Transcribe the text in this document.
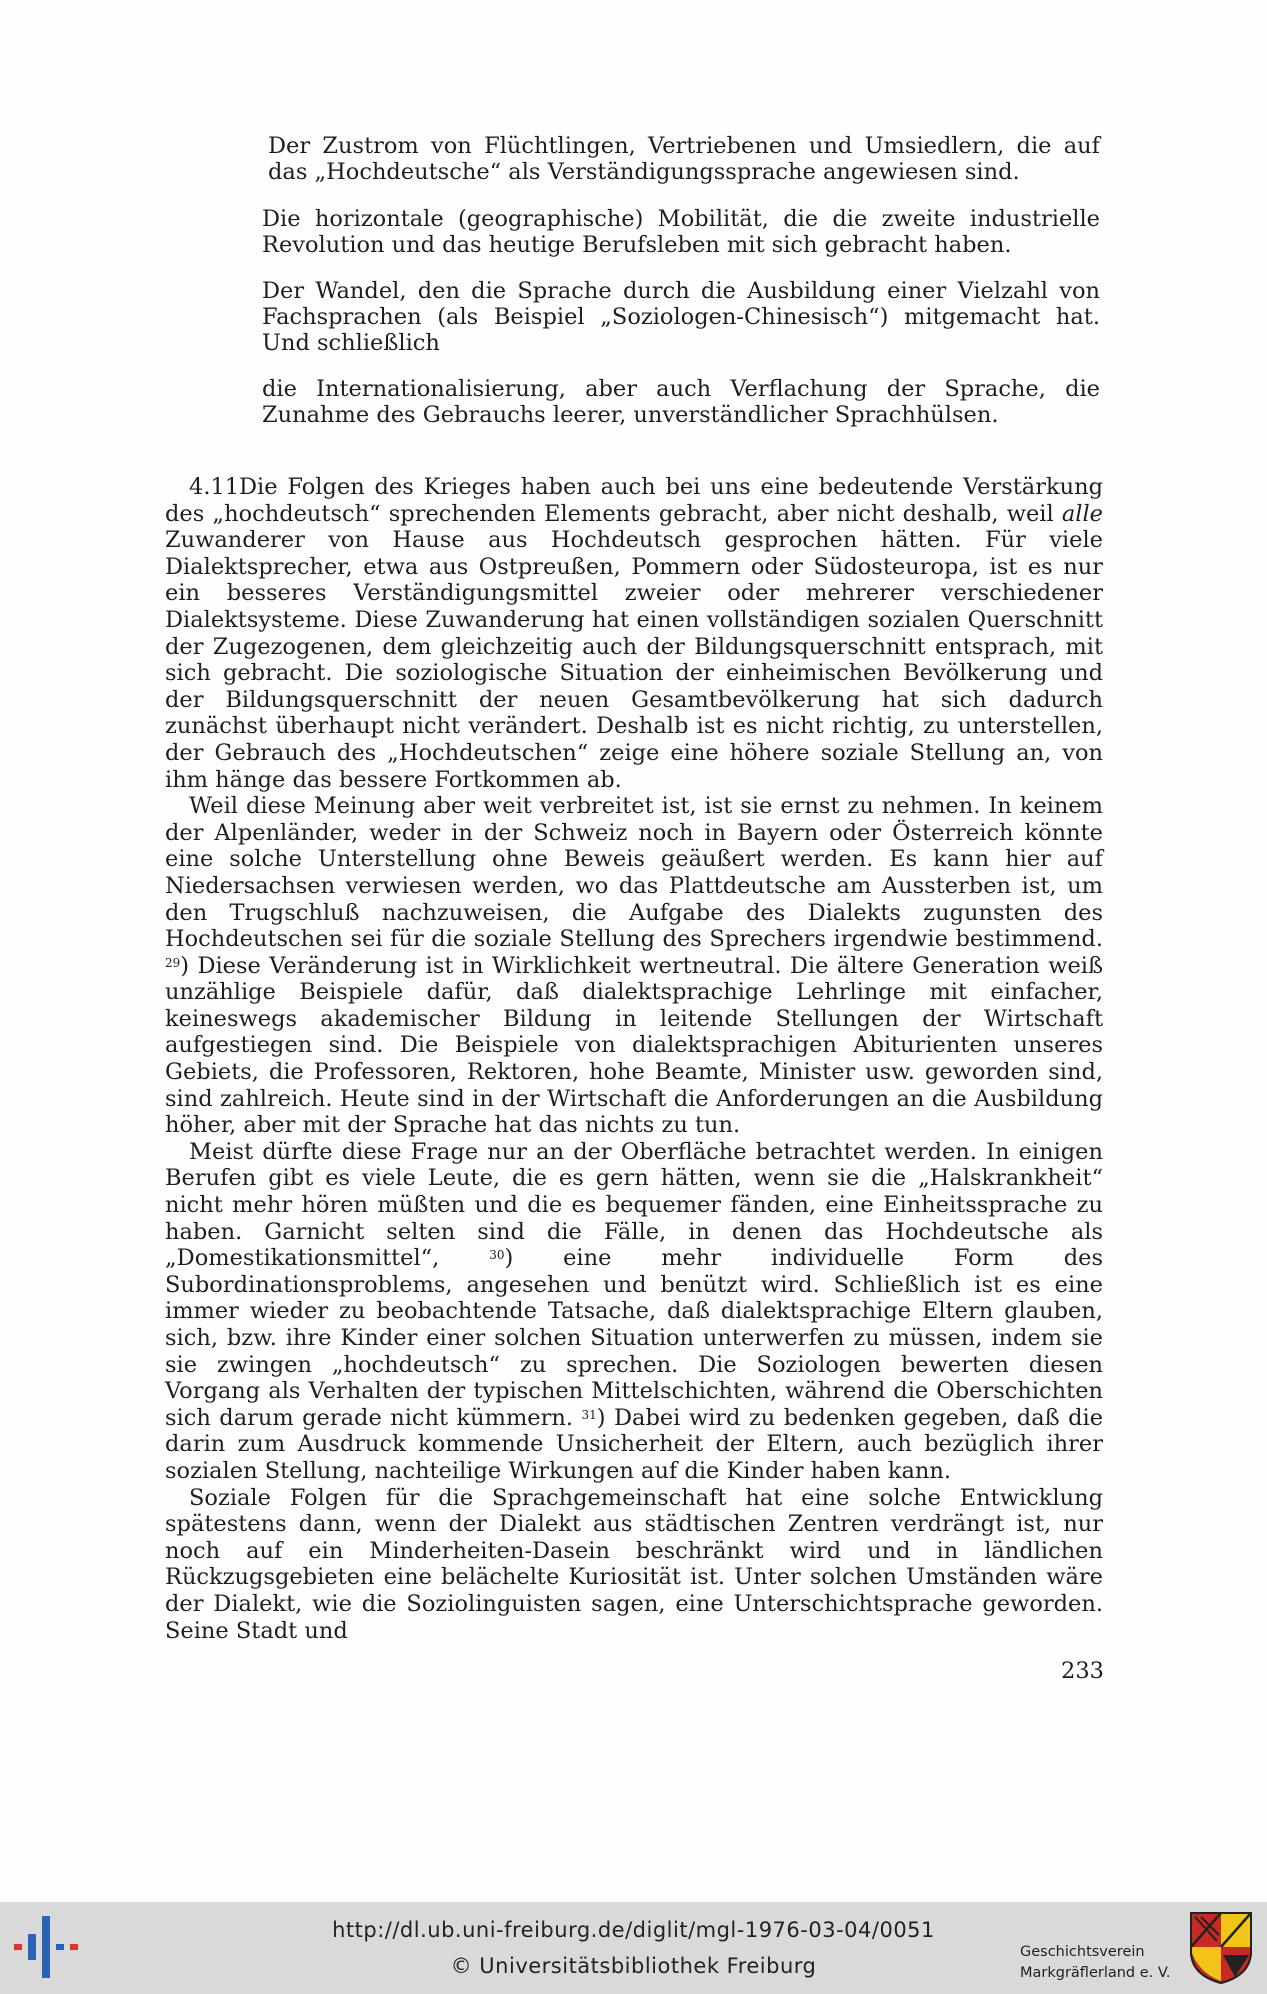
Der Zustrom von Flüchtlingen, Vertriebenen und Umsiedlern, die auf das „Hochdeutsche“ als Verständigungssprache angewiesen sind.

Die horizontale (geographische) Mobilität, die die zweite industrielle Revolution und das heutige Berufsleben mit sich gebracht haben.

Der Wandel, den die Sprache durch die Ausbildung einer Vielzahl von Fachsprachen (als Beispiel „Soziologen-Chinesisch“) mitgemacht hat. Und schließlich

die Internationalisierung, aber auch Verflachung der Sprache, die Zunahme des Gebrauchs leerer, unverständlicher Sprachhülsen.

4.11Die Folgen des Krieges haben auch bei uns eine bedeutende Verstärkung des „hochdeutsch“ sprechenden Elements gebracht, aber nicht deshalb, weil alle Zuwanderer von Hause aus Hochdeutsch gesprochen hätten. Für viele Dialektsprecher, etwa aus Ostpreußen, Pommern oder Südosteuropa, ist es nur ein besseres Verständigungsmittel zweier oder mehrerer verschiedener Dialektsysteme. Diese Zuwanderung hat einen vollständigen sozialen Querschnitt der Zugezogenen, dem gleichzeitig auch der Bildungsquerschnitt entsprach, mit sich gebracht. Die soziologische Situation der einheimischen Bevölkerung und der Bildungsquerschnitt der neuen Gesamtbevölkerung hat sich dadurch zunächst überhaupt nicht verändert. Deshalb ist es nicht richtig, zu unterstellen, der Gebrauch des „Hochdeutschen“ zeige eine höhere soziale Stellung an, von ihm hänge das bessere Fortkommen ab.

Weil diese Meinung aber weit verbreitet ist, ist sie ernst zu nehmen. In keinem der Alpenländer, weder in der Schweiz noch in Bayern oder Österreich könnte eine solche Unterstellung ohne Beweis geäußert werden. Es kann hier auf Niedersachsen verwiesen werden, wo das Plattdeutsche am Aussterben ist, um den Trugschluß nachzuweisen, die Aufgabe des Dialekts zugunsten des Hochdeutschen sei für die soziale Stellung des Sprechers irgendwie bestimmend. $^{29}$) Diese Veränderung ist in Wirklichkeit wertneutral. Die ältere Generation weiß unzählige Beispiele dafür, daß dialektsprachige Lehrlinge mit einfacher, keineswegs akademischer Bildung in leitende Stellungen der Wirtschaft aufgestiegen sind. Die Beispiele von dialektsprachigen Abiturienten unseres Gebiets, die Professoren, Rektoren, hohe Beamte, Minister usw. geworden sind, sind zahlreich. Heute sind in der Wirtschaft die Anforderungen an die Ausbildung höher, aber mit der Sprache hat das nichts zu tun.

Meist dürfte diese Frage nur an der Oberfläche betrachtet werden. In einigen Berufen gibt es viele Leute, die es gern hätten, wenn sie die „Halskrankheit“ nicht mehr hören müßten und die es bequemer fänden, eine Einheitssprache zu haben. Garnicht selten sind die Fälle, in denen das Hochdeutsche als „Domestikationsmittel“,	$^{30}$) eine mehr individuelle Form des Subordinationsproblems, angesehen und benützt wird. Schließlich ist es eine immer wieder zu beobachtende Tatsache, daß dialektsprachige Eltern glauben, sich, bzw. ihre Kinder einer solchen Situation unterwerfen zu müssen, indem sie sie zwingen „hochdeutsch“ zu sprechen. Die Soziologen bewerten diesen Vorgang als Verhalten der typischen Mittelschichten, während die Oberschichten sich darum gerade nicht kümmern. $^{31}$) Dabei wird zu bedenken gegeben, daß die darin zum Ausdruck kommende Unsicherheit der Eltern, auch bezüglich ihrer sozialen Stellung, nachteilige Wirkungen auf die Kinder haben kann.

Soziale Folgen für die Sprachgemeinschaft hat eine solche Entwicklung spätestens dann, wenn der Dialekt aus städtischen Zentren verdrängt ist, nur noch auf ein Minderheiten-Dasein beschränkt wird und in ländlichen Rückzugsgebieten eine belächelte Kuriosität ist. Unter solchen Umständen wäre der Dialekt, wie die Soziolinguisten sagen, eine Unterschichtsprache geworden. Seine Stadt und

233
http://dl.ub.uni-freiburg.de/diglit/mgl-1976-03-04/0051
© Universitätsbibliothek Freiburg
Geschichtsverein
Markgräflerland e. V.
